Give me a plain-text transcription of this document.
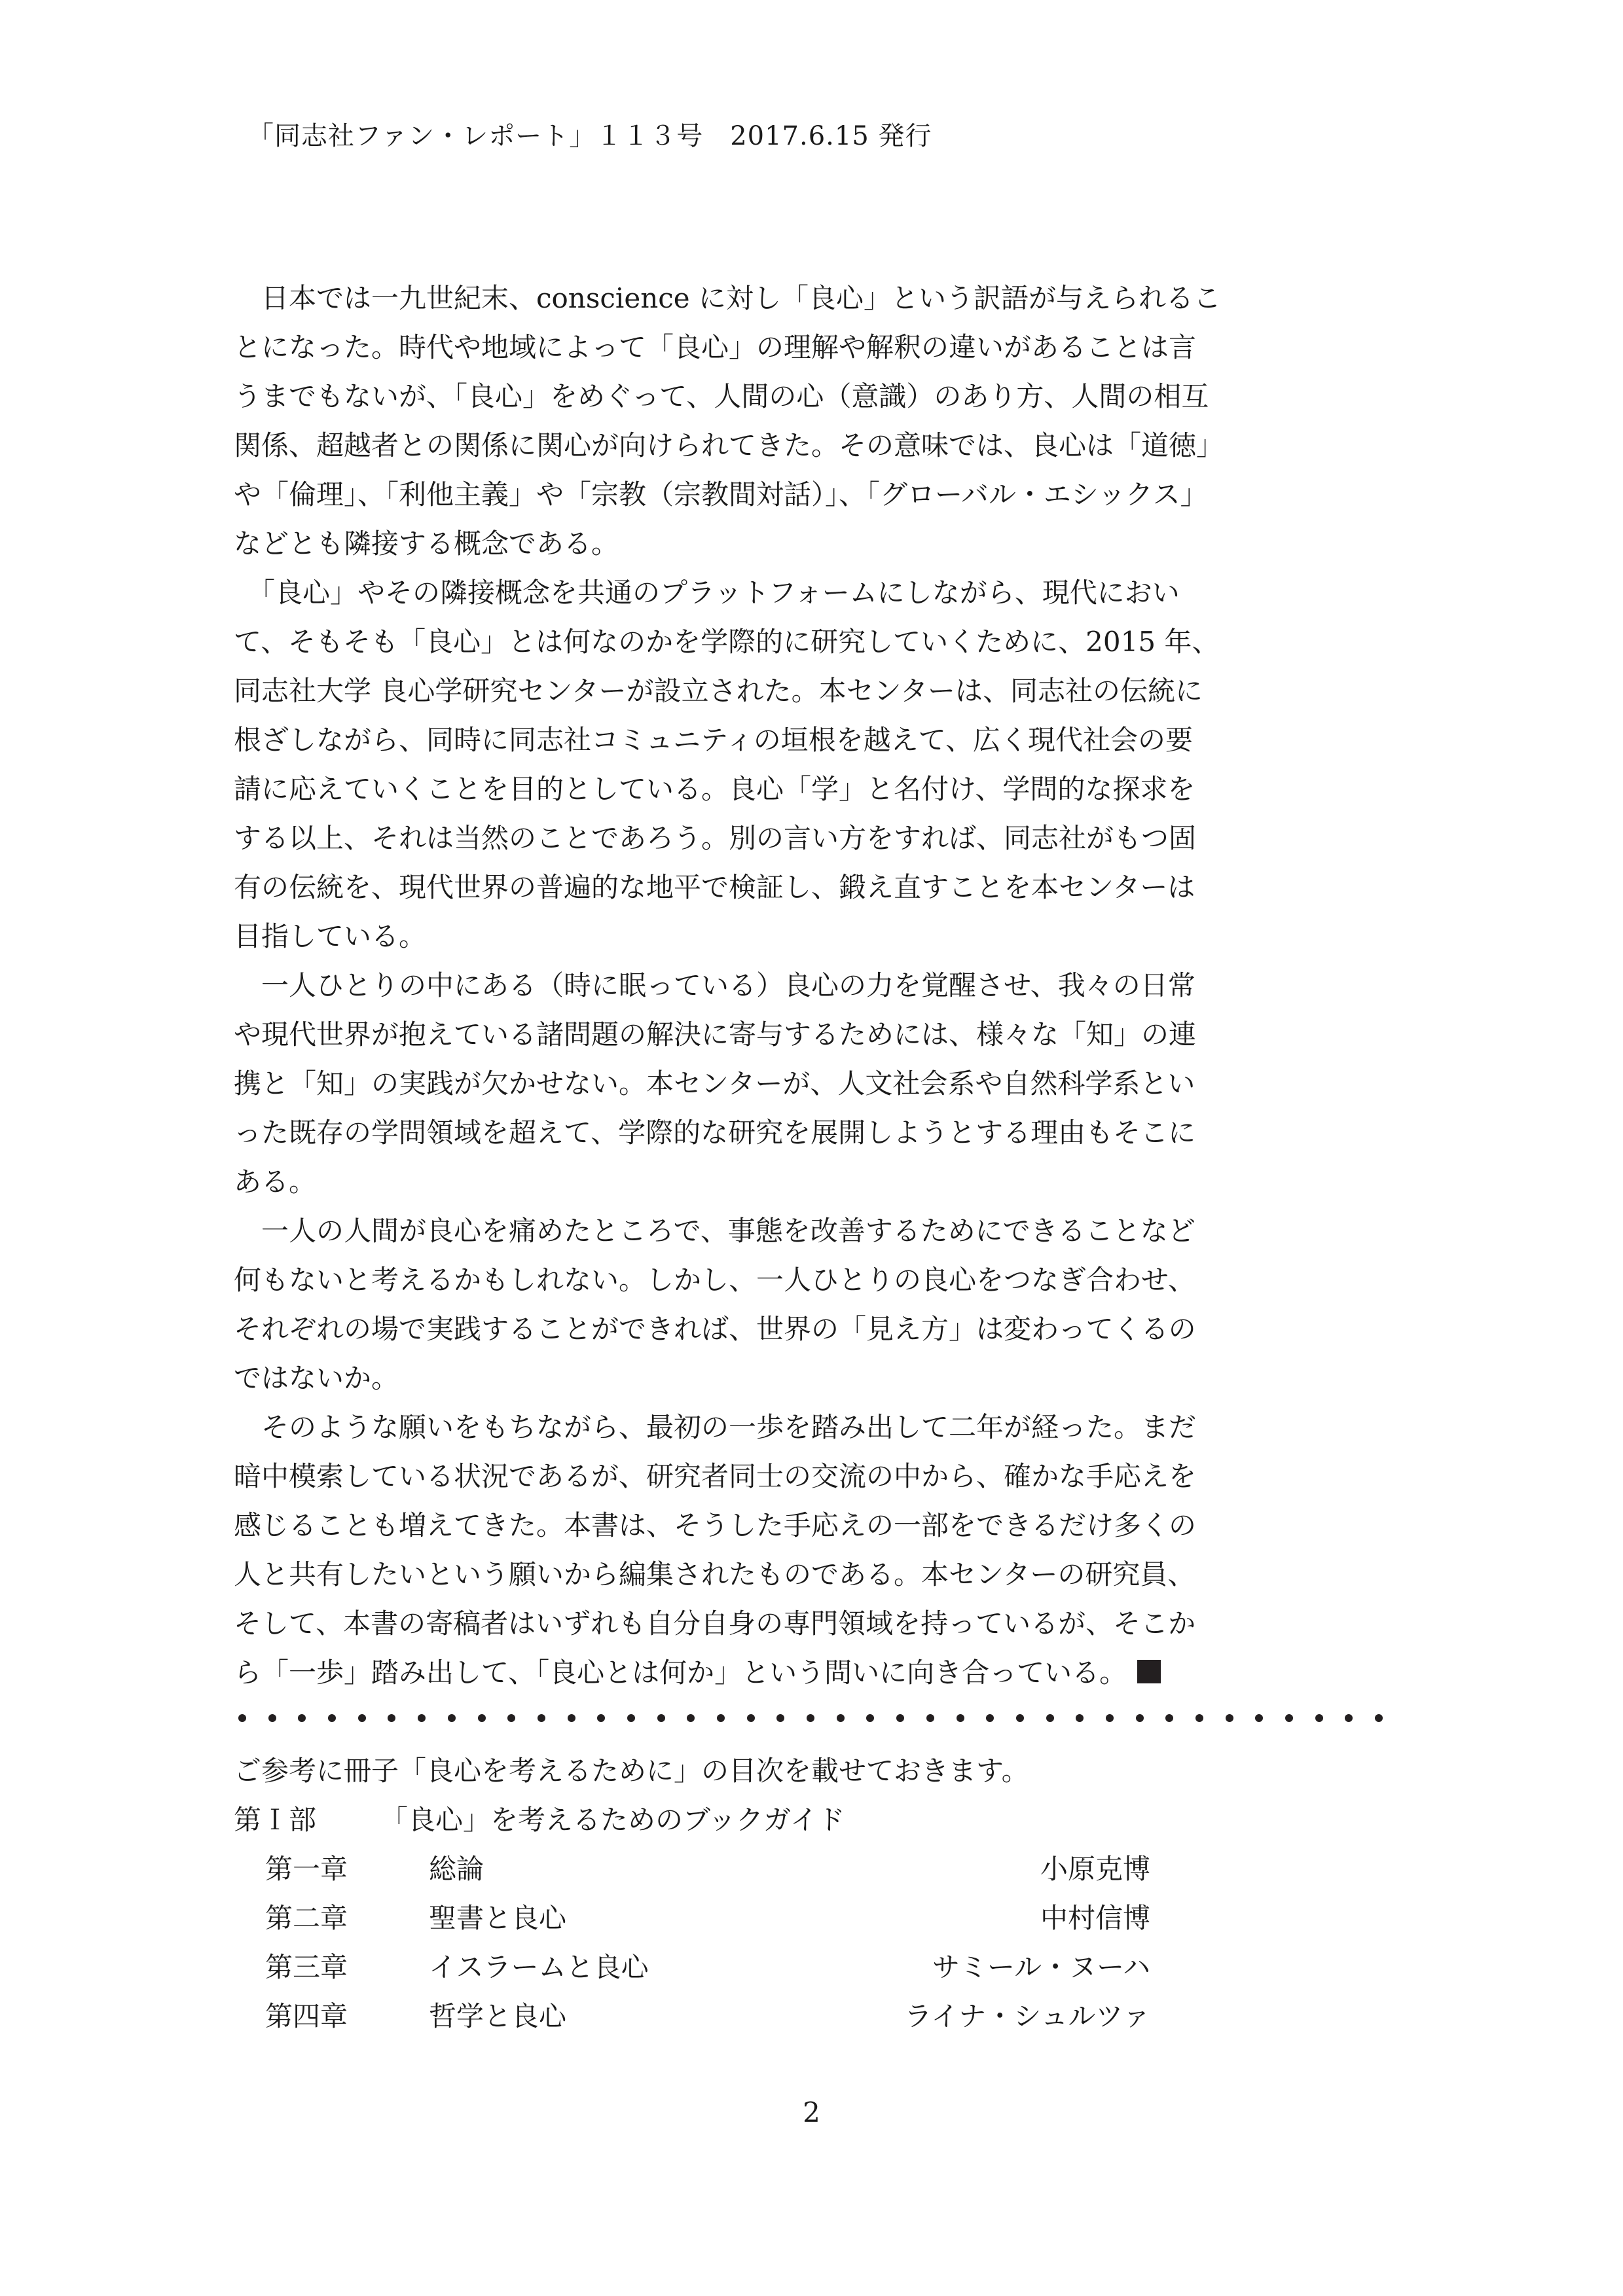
「同志社ファン・レポート」１１３号　2017.6.15 発行
　日本では一九世紀末、conscience に対し「良心」という訳語が与えられるこ
とになった。時代や地域によって「良心」の理解や解釈の違いがあることは言
うまでもないが、「良心」をめぐって、人間の心（意識）のあり方、人間の相互
関係、超越者との関係に関心が向けられてきた。その意味では、良心は「道徳」
や「倫理」、「利他主義」や「宗教（宗教間対話）」、「グローバル・エシックス」
などとも隣接する概念である。
　「良心」やその隣接概念を共通のプラットフォームにしながら、現代におい
て、そもそも「良心」とは何なのかを学際的に研究していくために、2015 年、
同志社大学 良心学研究センターが設立された。本センターは、同志社の伝統に
根ざしながら、同時に同志社コミュニティの垣根を越えて、広く現代社会の要
請に応えていくことを目的としている。良心「学」と名付け、学問的な探求を
する以上、それは当然のことであろう。別の言い方をすれば、同志社がもつ固
有の伝統を、現代世界の普遍的な地平で検証し、鍛え直すことを本センターは
目指している。
　一人ひとりの中にある（時に眠っている）良心の力を覚醒させ、我々の日常
や現代世界が抱えている諸問題の解決に寄与するためには、様々な「知」の連
携と「知」の実践が欠かせない。本センターが、人文社会系や自然科学系とい
った既存の学問領域を超えて、学際的な研究を展開しようとする理由もそこに
ある。
　一人の人間が良心を痛めたところで、事態を改善するためにできることなど
何もないと考えるかもしれない。しかし、一人ひとりの良心をつなぎ合わせ、
それぞれの場で実践することができれば、世界の「見え方」は変わってくるの
ではないか。
　そのような願いをもちながら、最初の一歩を踏み出して二年が経った。まだ
暗中模索している状況であるが、研究者同士の交流の中から、確かな手応えを
感じることも増えてきた。本書は、そうした手応えの一部をできるだけ多くの
人と共有したいという願いから編集されたものである。本センターの研究員、
そして、本書の寄稿者はいずれも自分自身の専門領域を持っているが、そこか
ら「一歩」踏み出して、「良心とは何か」という問いに向き合っている。
ご参考に冊子「良心を考えるために」の目次を載せておきます。
第Ｉ部 「良心」を考えるためのブックガイド
第一章	総論	小原克博
第二章	聖書と良心	中村信博
第三章	イスラームと良心	サミール・ヌーハ
第四章	哲学と良心	ライナ・シュルツァ
2
